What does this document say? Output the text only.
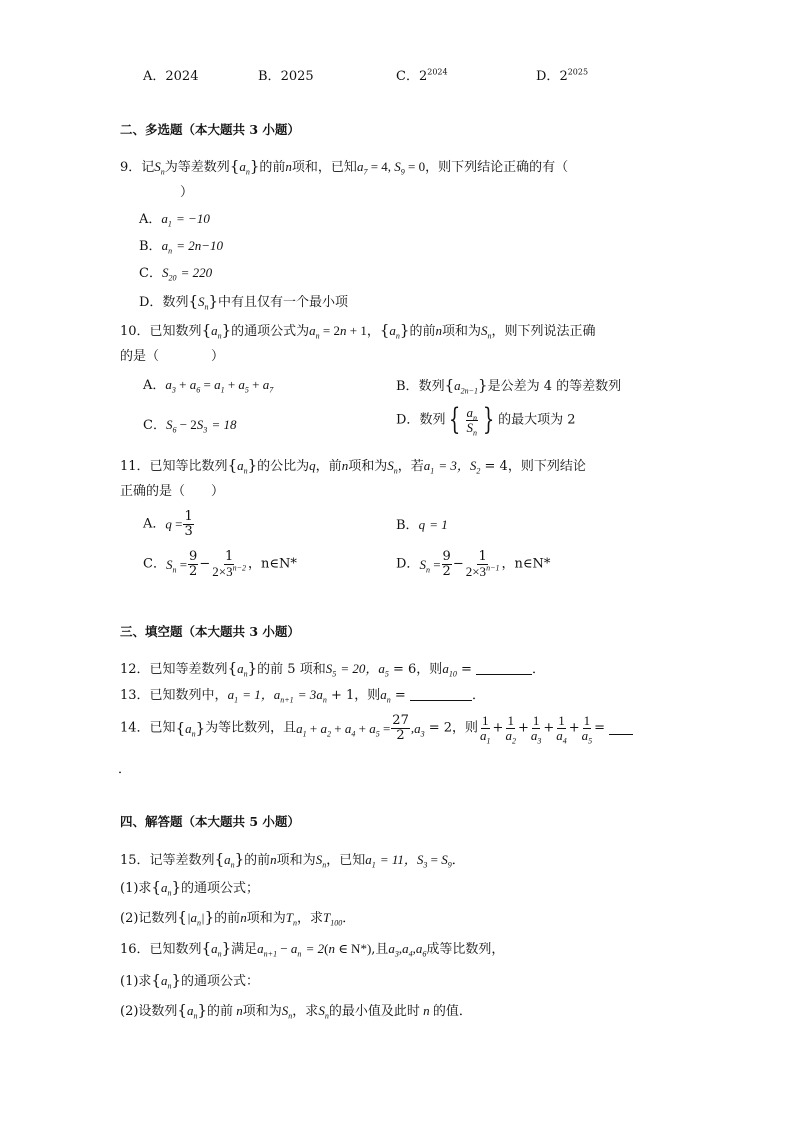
A．2024	B．2025	C．$2^{2024}$	D．$2^{2025}$
二、多选题（本大题共 3 小题）
9．记$S_n$为等差数列$\{a_n\}$的前n项和，已知$a_7 = 4$, $S_9 = 0$，则下列结论正确的有（
）
A．$a_1 = -10$
B．$a_n = 2n-10$
C．$S_{20} = 220$
D．数列$\{S_n\}$中有且仅有一个最小项
10．已知数列$\{a_n\}$的通项公式为$a_n = 2n + 1$，$\{a_n\}$的前n项和为$S_n$，则下列说法正确
的是（　　　　）
A．$a_3 + a_6 = a_1 + a_5 + a_7$	B．数列$\{a_{2n-1}\}$是公差为 4 的等差数列
C．$S_6 - 2S_3 = 18$	D．数列 { $\frac{a_n}{S_n}$ } 的最大项为 2
11．已知等比数列$\{a_n\}$的公比为q，前n项和为$S_n$，若$a_1 = 3$，$S_2 = 4$，则下列结论
正确的是（　　）
A．$q = \frac{1}{3}$	B．q = 1
C．$S_n = \frac{9}{2} - \frac{1}{2\times 3^{n-2}}$ ，n∈N*	D．$S_n = \frac{9}{2} - \frac{1}{2\times 3^{n-1}}$ ，n∈N*
三、填空题（本大题共 3 小题）
12．已知等差数列$\{a_n\}$的前 5 项和$S_5 = 20$，$a_5 = 6$，则$a_{10}$ =	．
13．已知数列中，$a_1 = 1$，$a_{n+1} = 3a_n + 1$，则$a_n$ =	．
14．已知$\{a_n\}$为等比数列，且$a_1 + a_2 + a_4 + a_5 = \frac{27}{2} ,a_3 = 2$，则 $\frac{1}{a_1} + \frac{1}{a_2} + \frac{1}{a_3} + \frac{1}{a_4} + \frac{1}{a_5}$ =
．
四、解答题（本大题共 5 小题）
15．记等差数列$\{a_n\}$的前n项和为$S_n$，已知$a_1 = 11$，$S_3 = S_9$．
(1)求$\{a_n\}$的通项公式；
(2)记数列$\{|a_n|\}$的前n项和为$T_n$，求$T_{100}$．
16．已知数列$\{a_n\}$满足$a_{n+1} - a_n = 2(n$ ∈ N*),且$a_3,a_4,a_6$成等比数列，
(1)求$\{a_n\}$的通项公式：
(2)设数列$\{a_n\}$的前 n项和为$S_n$，求$S_n$的最小值及此时 n 的值．
